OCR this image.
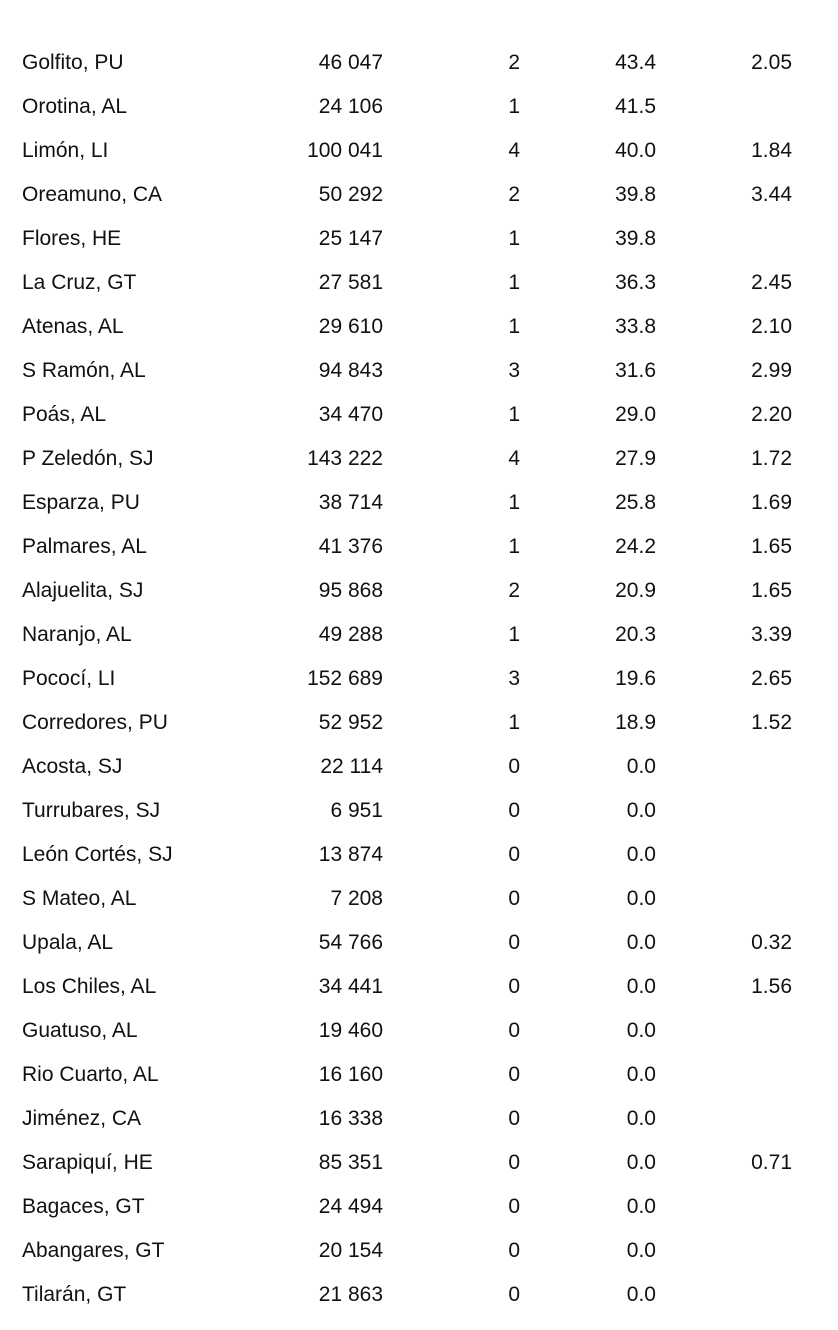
Golfito, PU	46 047	2	43.4	2.05
Orotina, AL	24 106	1	41.5
Limón, LI	100 041	4	40.0	1.84
Oreamuno, CA	50 292	2	39.8	3.44
Flores, HE	25 147	1	39.8
La Cruz, GT	27 581	1	36.3	2.45
Atenas, AL	29 610	1	33.8	2.10
S Ramón, AL	94 843	3	31.6	2.99
Poás, AL	34 470	1	29.0	2.20
P Zeledón, SJ	143 222	4	27.9	1.72
Esparza, PU	38 714	1	25.8	1.69
Palmares, AL	41 376	1	24.2	1.65
Alajuelita, SJ	95 868	2	20.9	1.65
Naranjo, AL	49 288	1	20.3	3.39
Pococí, LI	152 689	3	19.6	2.65
Corredores, PU	52 952	1	18.9	1.52
Acosta, SJ	22 114	0	0.0
Turrubares, SJ	6 951	0	0.0
León Cortés, SJ	13 874	0	0.0
S Mateo, AL	7 208	0	0.0
Upala, AL	54 766	0	0.0	0.32
Los Chiles, AL	34 441	0	0.0	1.56
Guatuso, AL	19 460	0	0.0
Rio Cuarto, AL	16 160	0	0.0
Jiménez, CA	16 338	0	0.0
Sarapiquí, HE	85 351	0	0.0	0.71
Bagaces, GT	24 494	0	0.0
Abangares, GT	20 154	0	0.0
Tilarán, GT	21 863	0	0.0
